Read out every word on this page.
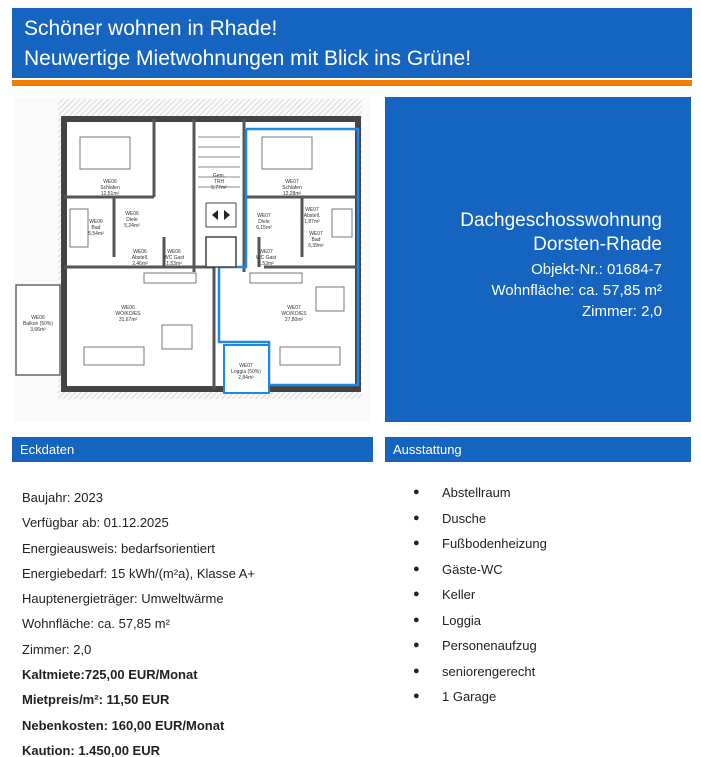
Schöner wohnen in Rhade!
Neuwertige Mietwohnungen mit Blick ins Grüne!
WE06
Schlafen
12,51m²
WE07
Schlafen
12,28m²
Gem.
TRH
5,77m²
WE06
Bad
5,54m²
WE06
Diele
5,24m²
WE07
Diele
6,15m²
WE07
Abstell.
1,87m²
WE07
Bad
6,39m²
WE06
Abstell.
2,46m²
WE06
WC Gast
1,53m²
WE07
WC Gast
1,53m²
WE06
Balkon (50%)
3,66m²
WE06
WO/KO/ES
31,67m²
WE07
WO/KO/ES
27,80m²
WE07
Loggia (50%)
2,84m²
Dachgeschosswohnung
Dorsten-Rhade
Objekt-Nr.: 01684-7
Wohnfläche: ca. 57,85 m²
Zimmer: 2,0
Eckdaten	Ausstattung
Baujahr: 2023
Verfügbar ab: 01.12.2025
Energieausweis: bedarfsorientiert
Energiebedarf: 15 kWh/(m²a), Klasse A+
Hauptenergieträger: Umweltwärme
Wohnfläche: ca. 57,85 m²
Zimmer: 2,0
Kaltmiete:725,00 EUR/Monat
Mietpreis/m²: 11,50 EUR
Nebenkosten: 160,00 EUR/Monat
Kaution: 1.450,00 EUR
●	Abstellraum
●	Dusche
●	Fußbodenheizung
●	Gäste-WC
●	Keller
●	Loggia
●	Personenaufzug
●	seniorengerecht
●	1 Garage
